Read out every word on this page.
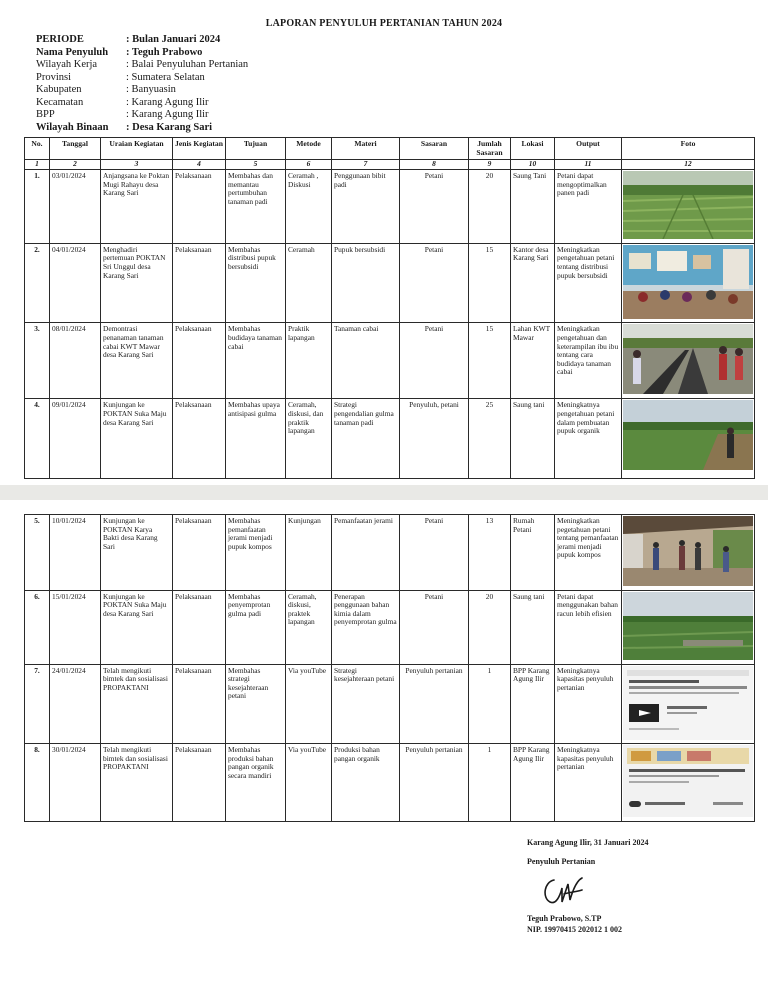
LAPORAN PENYULUH PERTANIAN TAHUN 2024
PERIODE	: Bulan Januari 2024
Nama Penyuluh	: Teguh Prabowo
Wilayah Kerja	: Balai Penyuluhan Pertanian
Provinsi	: Sumatera Selatan
Kabupaten	: Banyuasin
Kecamatan	: Karang Agung Ilir
BPP	: Karang Agung Ilir
Wilayah Binaan	: Desa Karang Sari
No.	Tanggal	Uraian Kegiatan	Jenis Kegiatan	Tujuan	Metode	Materi	Sasaran	Jumlah Sasaran	Lokasi	Output	Foto
1	2	3	4	5	6	7	8	9	10	11	12
1.	03/01/2024	Anjangsana ke Poktan Mugi Rahayu desa Karang Sari	Pelaksanaan	Membahas dan memantau pertumbuhan tanaman padi	Ceramah , Diskusi	Penggunaan bibit padi	Petani	20	Saung Tani	Petani dapat mengoptimalkan panen padi	
2.	04/01/2024	Menghadiri pertemuan POKTAN Sri Unggul desa Karang Sari	Pelaksanaan	Membahas distribusi pupuk bersubsidi	Ceramah	Pupuk bersubsidi	Petani	15	Kantor desa Karang Sari	Meningkatkan pengetahuan petani tentang distribusi pupuk bersubsidi	
3.	08/01/2024	Demontrasi penanaman tanaman cabai KWT Mawar desa Karang Sari	Pelaksanaan	Membahas budidaya tanaman cabai	Praktik lapangan	Tanaman cabai	Petani	15	Lahan KWT Mawar	Meningkatkan pengetahuan dan keterampilan ibu ibu tentang cara budidaya tanaman cabai	
4.	09/01/2024	Kunjungan ke POKTAN Suka Maju desa Karang Sari	Pelaksanaan	Membahas upaya antisipasi gulma	Ceramah, diskusi, dan praktik lapangan	Strategi pengendalian gulma tanaman padi	Penyuluh, petani	25	Saung tani	Meningkatnya pengetahuan petani dalam pembuatan pupuk organik	
5.	10/01/2024	Kunjungan ke POKTAN Karya Bakti desa Karang Sari	Pelaksanaan	Membahas pemanfaatan jerami menjadi pupuk kompos	Kunjungan	Pemanfaatan jerami	Petani	13	Rumah Petani	Meningkatkan pegetahuan petani tentang pemanfaatan jerami menjadi pupuk kompos	
6.	15/01/2024	Kunjungan ke POKTAN Suka Maju desa Karang Sari	Pelaksanaan	Membahas penyemprotan gulma padi	Ceramah, diskusi, praktek lapangan	Penerapan penggunaan bahan kimia dalam penyemprotan gulma	Petani	20	Saung tani	Petani dapat menggunakan bahan racun lebih efisien	
7.	24/01/2024	Telah mengikuti bimtek dan sosialisasi PROPAKTANI	Pelaksanaan	Membahas strategi kesejahteraan petani	Via youTube	Strategi kesejahteraan petani	Penyuluh pertanian	1	BPP Karang Agung Ilir	Meningkatnya kapasitas penyuluh pertanian	
8.	30/01/2024	Telah mengikuti bimtek dan sosialisasi PROPAKTANI	Pelaksanaan	Membahas produksi bahan pangan organik secara mandiri	Via youTube	Produksi bahan pangan organik	Penyuluh pertanian	1	BPP Karang Agung Ilir	Meningkatnya kapasitas penyuluh pertanian	
Karang Agung Ilir, 31 Januari 2024
Penyuluh Pertanian
Teguh Prabowo, S.TP
NIP. 19970415 202012 1 002
